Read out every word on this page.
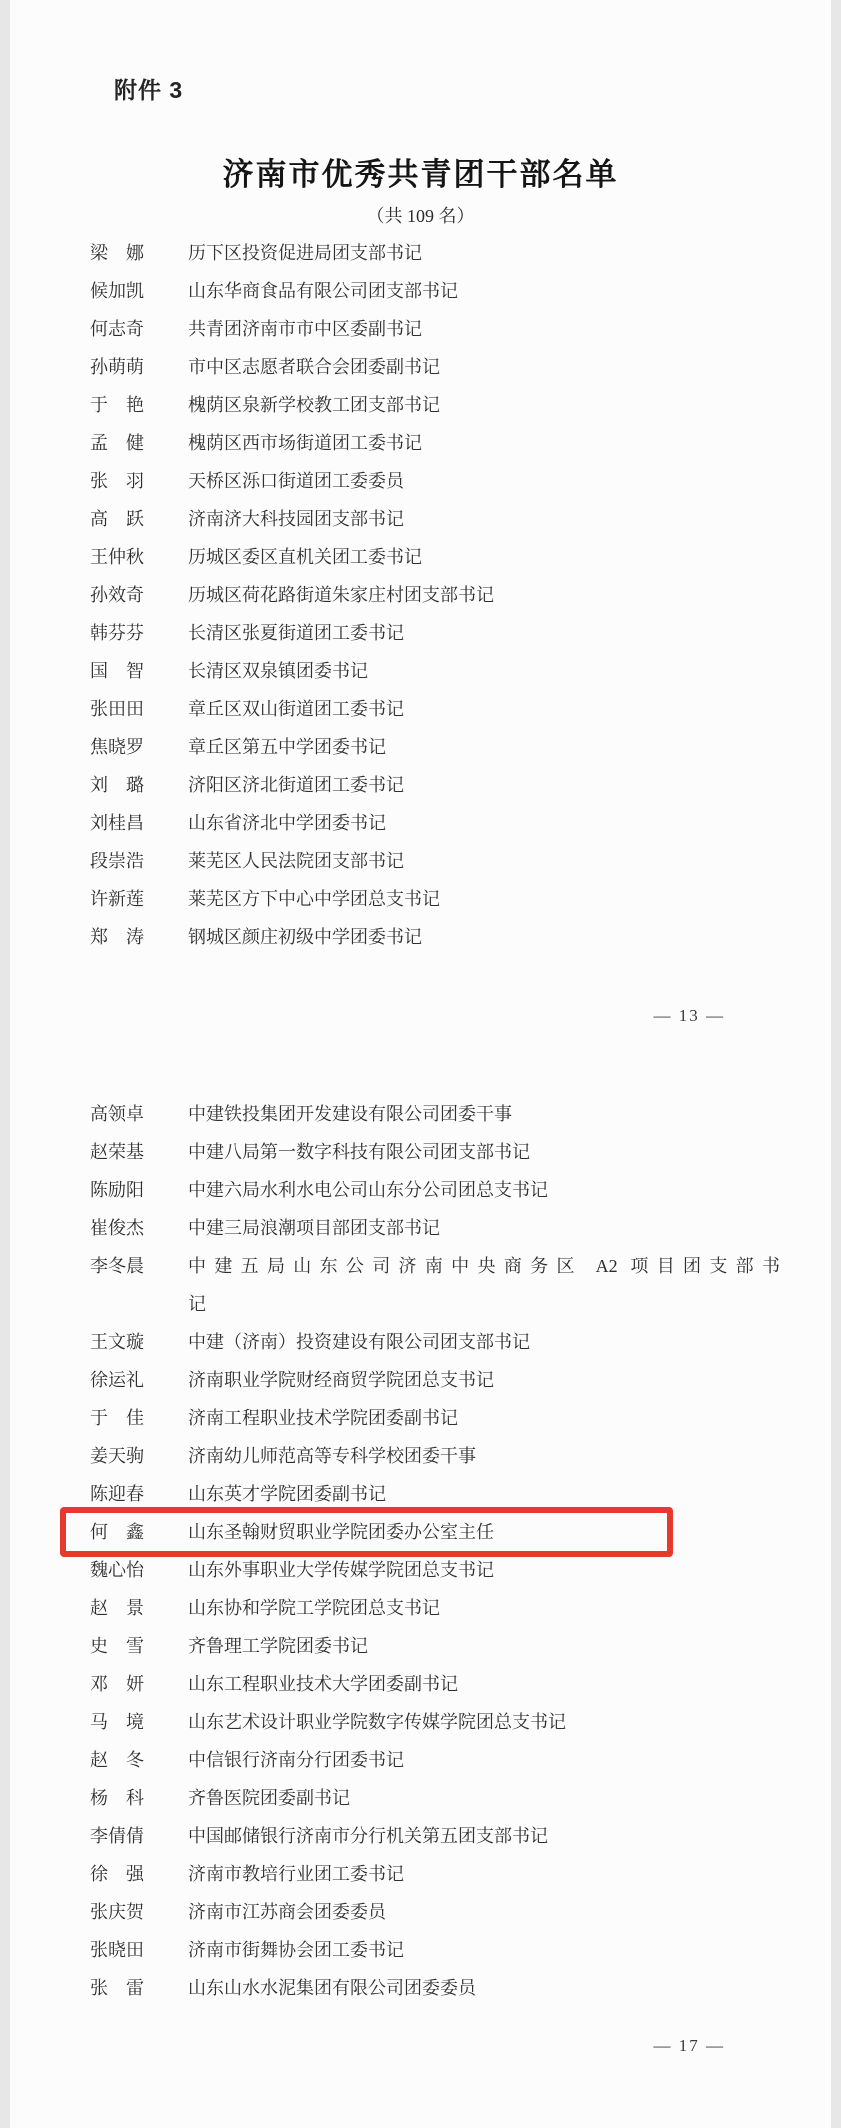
附件 3
济南市优秀共青团干部名单
（共 109 名）
梁　娜	历下区投资促进局团支部书记
候加凯	山东华商食品有限公司团支部书记
何志奇	共青团济南市市中区委副书记
孙萌萌	市中区志愿者联合会团委副书记
于　艳	槐荫区泉新学校教工团支部书记
孟　健	槐荫区西市场街道团工委书记
张　羽	天桥区泺口街道团工委委员
高　跃	济南济大科技园团支部书记
王仲秋	历城区委区直机关团工委书记
孙效奇	历城区荷花路街道朱家庄村团支部书记
韩芬芬	长清区张夏街道团工委书记
国　智	长清区双泉镇团委书记
张田田	章丘区双山街道团工委书记
焦晓罗	章丘区第五中学团委书记
刘　璐	济阳区济北街道团工委书记
刘桂昌	山东省济北中学团委书记
段崇浩	莱芜区人民法院团支部书记
许新莲	莱芜区方下中心中学团总支书记
郑　涛	钢城区颜庄初级中学团委书记
— 13 —
高领卓	中建铁投集团开发建设有限公司团委干事
赵荣基	中建八局第一数字科技有限公司团支部书记
陈励阳	中建六局水利水电公司山东分公司团总支书记
崔俊杰	中建三局浪潮项目部团支部书记
李冬晨	中建五局山东公司济南中央商务区 A2 项目团支部书
记
王文璇	中建（济南）投资建设有限公司团支部书记
徐运礼	济南职业学院财经商贸学院团总支书记
于　佳	济南工程职业技术学院团委副书记
姜天驹	济南幼儿师范高等专科学校团委干事
陈迎春	山东英才学院团委副书记
何　鑫	山东圣翰财贸职业学院团委办公室主任
魏心怡	山东外事职业大学传媒学院团总支书记
赵　景	山东协和学院工学院团总支书记
史　雪	齐鲁理工学院团委书记
邓　妍	山东工程职业技术大学团委副书记
马　境	山东艺术设计职业学院数字传媒学院团总支书记
赵　冬	中信银行济南分行团委书记
杨　科	齐鲁医院团委副书记
李倩倩	中国邮储银行济南市分行机关第五团支部书记
徐　强	济南市教培行业团工委书记
张庆贺	济南市江苏商会团委委员
张晓田	济南市街舞协会团工委书记
张　雷	山东山水水泥集团有限公司团委委员
— 17 —
